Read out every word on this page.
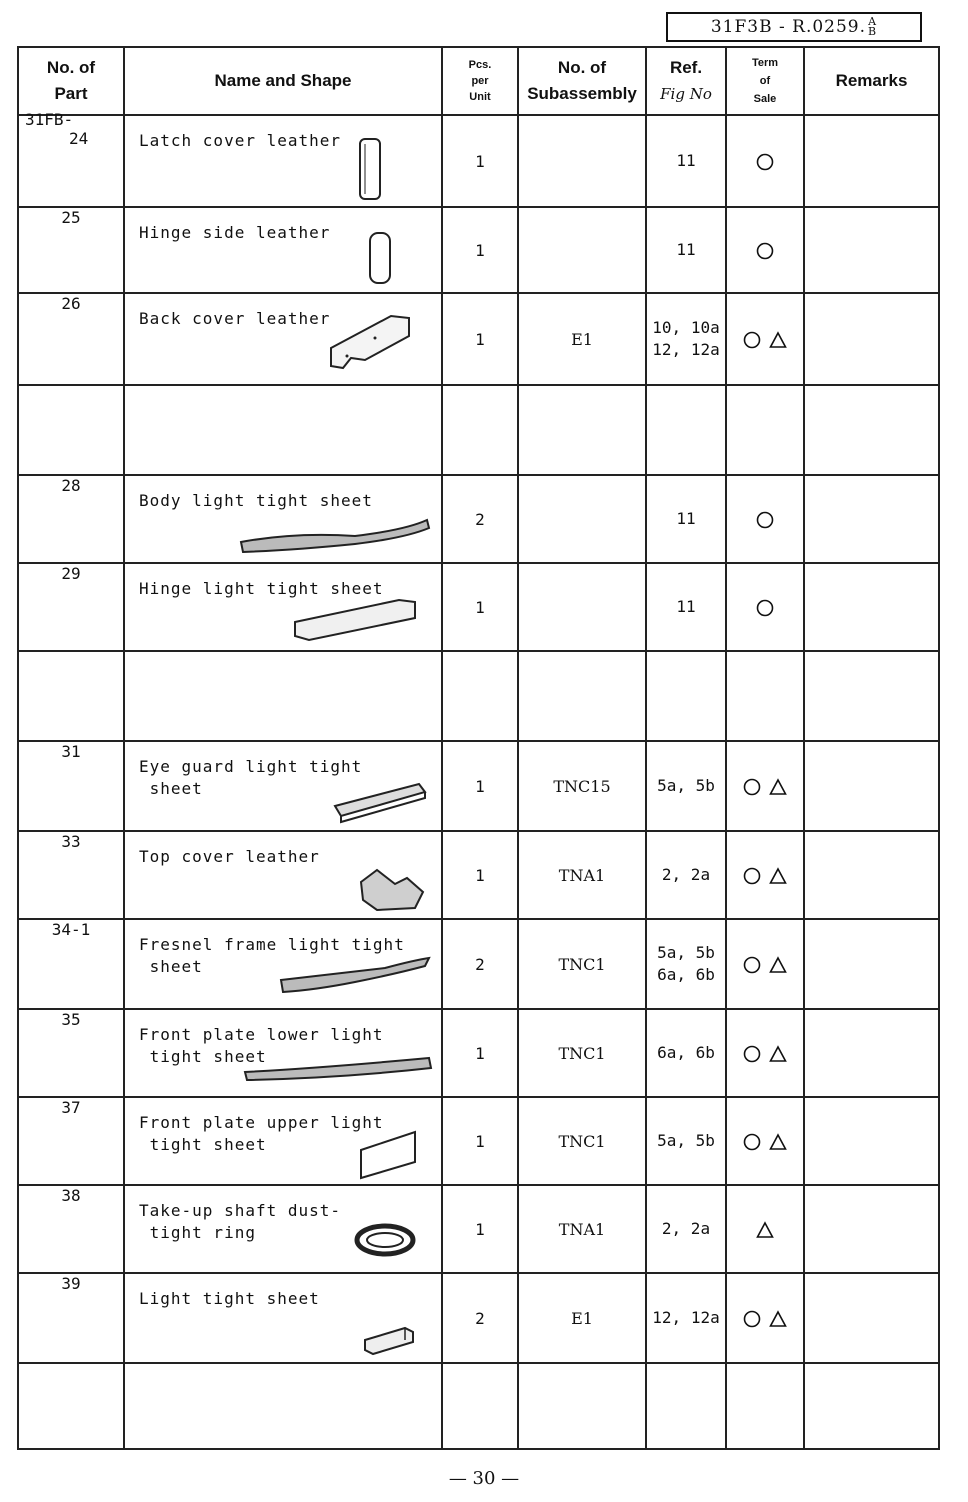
31F3B - R.0259. A
B
No. of
Part	Name and Shape	Pcs.
per
Unit	No. of
Subassembly	Ref.
Fig No	Term
of
Sale	Remarks

31FB-
24	Latch cover leather	1		11		
25	Hinge side leather	1		11		
26	Back cover leather	1	E1	10, 10a
12, 12a		

28	Body light tight sheet	2		11		
29	Hinge light tight sheet	1		11		

31	Eye guard light tight
sheet	1	TNC15	5a, 5b		
33	Top cover leather	1	TNA1	2, 2a		
34-1	Fresnel frame light tight
sheet	2	TNC1	5a, 5b
6a, 6b		
35	Front plate lower light
tight sheet	1	TNC1	6a, 6b		
37	Front plate upper light
tight sheet	1	TNC1	5a, 5b		
38	Take-up shaft dust-
tight ring	1	TNA1	2, 2a		
39	Light tight sheet	2	E1	12, 12a		

— 30 —
